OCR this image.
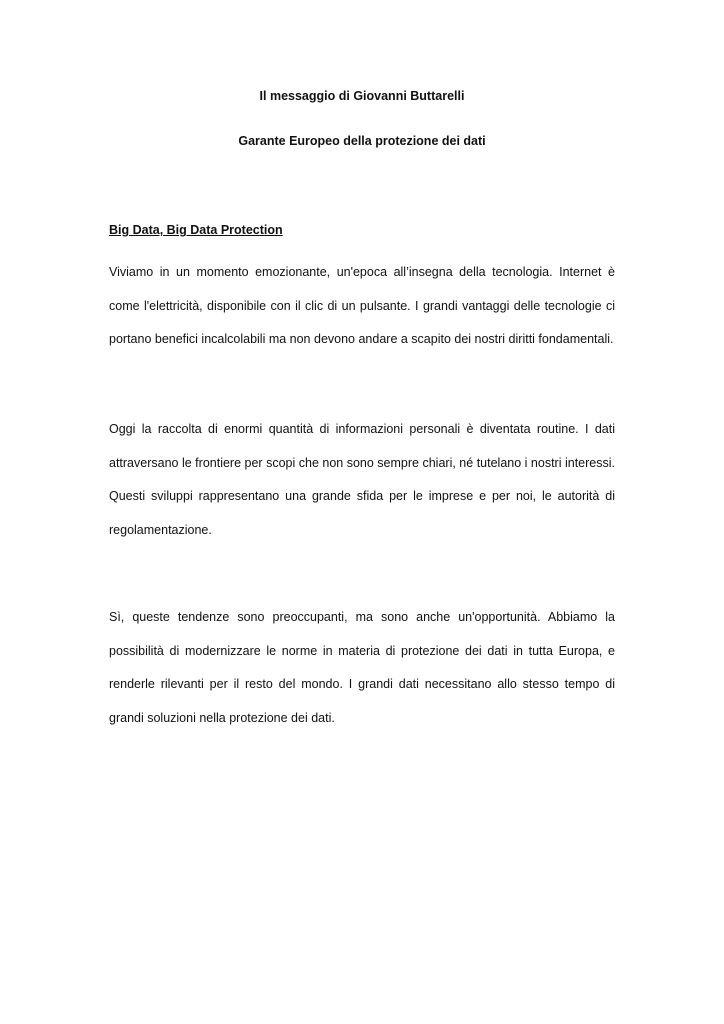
Il messaggio di Giovanni Buttarelli
Garante Europeo della protezione dei dati
Big Data, Big Data Protection

Viviamo in un momento emozionante, un'epoca all’insegna della tecnologia. Internet è come l'elettricità, disponibile con il clic di un pulsante. I grandi vantaggi delle tecnologie ci portano benefici incalcolabili ma non devono andare a scapito dei nostri diritti fondamentali.

Oggi la raccolta di enormi quantità di informazioni personali è diventata routine. I dati attraversano le frontiere per scopi che non sono sempre chiari, né tutelano i nostri interessi. Questi sviluppi rappresentano una grande sfida per le imprese e per noi, le autorità di regolamentazione.

Sì, queste tendenze sono preoccupanti, ma sono anche un'opportunità. Abbiamo la possibilità di modernizzare le norme in materia di protezione dei dati in tutta Europa, e renderle rilevanti per il resto del mondo. I grandi dati necessitano allo stesso tempo di grandi soluzioni nella protezione dei dati.
